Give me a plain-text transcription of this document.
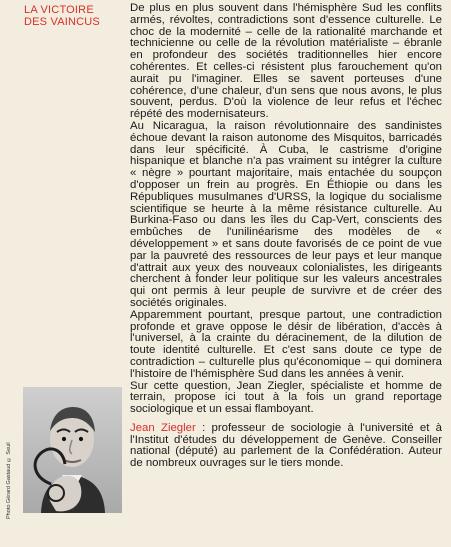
LA VICTOIRE
DES VAINCUS

De plus en plus souvent dans l'hémisphère Sud les conflits armés, révoltes, contradictions sont d'essence culturelle. Le choc de la modernité – celle de la rationalité marchande et technicienne ou celle de la révolution matérialiste – ébranle en profondeur des sociétés traditionnelles hier encore cohérentes. Et celles-ci résistent plus farouchement qu'on aurait pu l'imaginer. Elles se savent porteuses d'une cohérence, d'une chaleur, d'un sens que nous avons, le plus souvent, perdus. D'où la violence de leur refus et l'échec répété des modernisateurs.

Au Nicaragua, la raison révolutionnaire des sandinistes échoue devant la raison autonome des Misquitos, barricadés dans leur spécificité. À Cuba, le castrisme d'origine hispanique et blanche n'a pas vraiment su intégrer la culture « nègre » pourtant majoritaire, mais entachée du soupçon d'opposer un frein au progrès. En Éthiopie ou dans les Républiques musulmanes d'URSS, la logique du socialisme scientifique se heurte à la même résistance culturelle. Au Burkina-Faso ou dans les îles du Cap-Vert, conscients des embûches de l'unilinéarisme des modèles de « développement » et sans doute favorisés de ce point de vue par la pauvreté des ressources de leur pays et leur manque d'attrait aux yeux des nouveaux colonialistes, les dirigeants cherchent à fonder leur politique sur les valeurs ancestrales qui ont permis à leur peuple de survivre et de créer des sociétés originales.

Apparemment pourtant, presque partout, une contradiction profonde et grave oppose le désir de libération, d'accès à l'universel, à la crainte du déracinement, de la dilution de toute identité culturelle. Et c'est sans doute ce type de contradiction – culturelle plus qu'économique – qui dominera l'histoire de l'hémisphère Sud dans les années à venir.

Sur cette question, Jean Ziegler, spécialiste et homme de terrain, propose ici tout à la fois un grand reportage sociologique et un essai flamboyant.

Jean Ziegler : professeur de sociologie à l'université et à l'Institut d'études du développement de Genève. Conseiller national (député) au parlement de la Confédération. Auteur de nombreux ouvrages sur le tiers monde.

Photo Gérard Gastaud © Seuil
